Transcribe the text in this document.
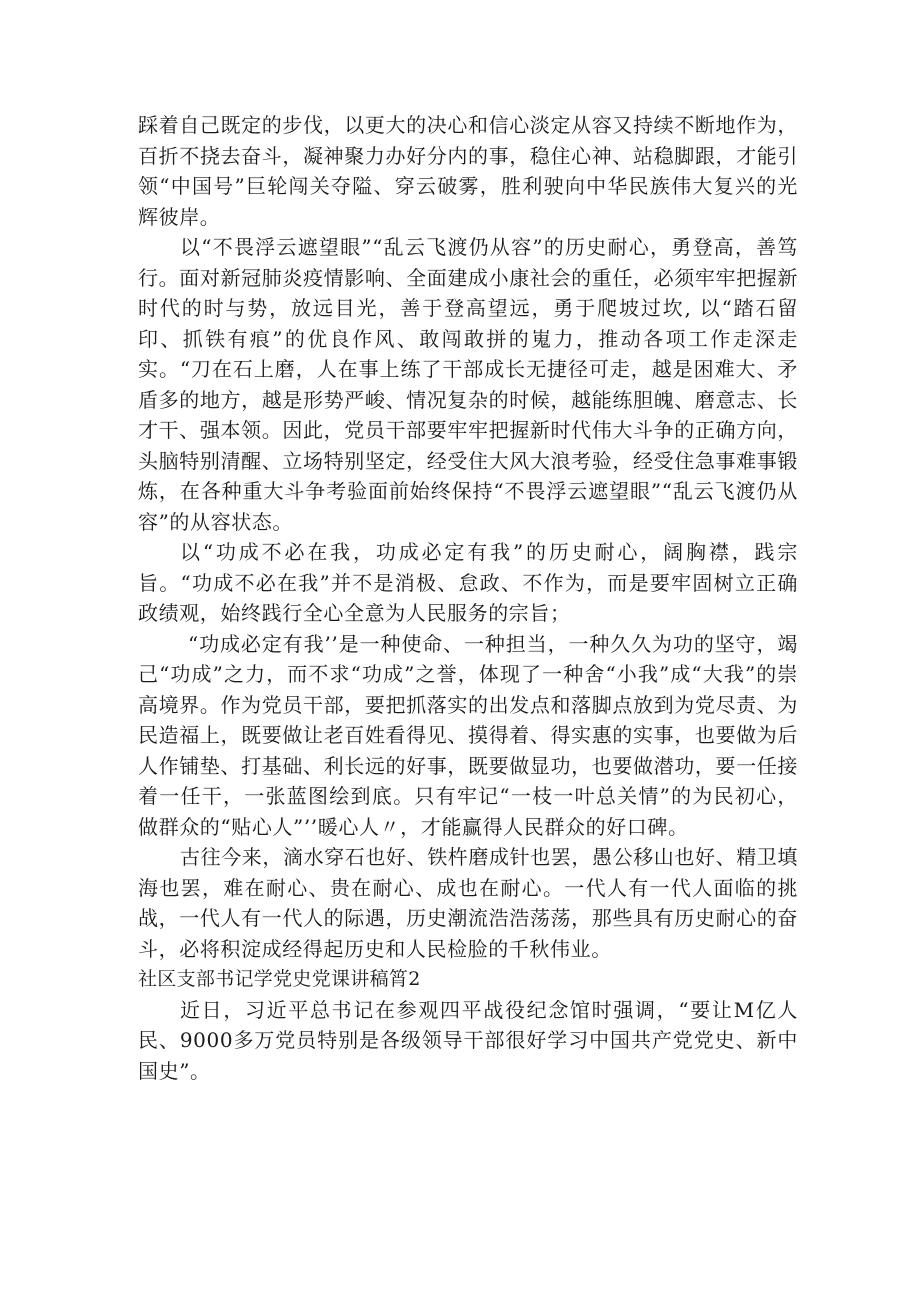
踩着自己既定的步伐，以更大的决心和信心淡定从容又持续不断地作为，百折不挠去奋斗，凝神聚力办好分内的事，稳住心神、站稳脚跟，才能引领“中国号”巨轮闯关夺隘、穿云破雾，胜利驶向中华民族伟大复兴的光辉彼岸。

以“不畏浮云遮望眼”“乱云飞渡仍从容”的历史耐心，勇登高，善笃行。面对新冠肺炎疫情影响、全面建成小康社会的重任，必须牢牢把握新时代的时与势，放远目光，善于登高望远，勇于爬坡过坎, 以“踏石留印、抓铁有痕”的优良作风、敢闯敢拼的嵬力，推动各项工作走深走实。“刀在石上磨，人在事上练了干部成长无捷径可走，越是困难大、矛盾多的地方，越是形势严峻、情况复杂的时候，越能练胆魄、磨意志、长才干、强本领。因此，党员干部要牢牢把握新时代伟大斗争的正确方向，头脑特别清醒、立场特别坚定，经受住大风大浪考验，经受住急事难事锻炼，在各种重大斗争考验面前始终保持“不畏浮云遮望眼”“乱云飞渡仍从容”的从容状态。

以“功成不必在我，功成必定有我”的历史耐心，阔胸襟，践宗旨。“功成不必在我”并不是消极、怠政、不作为，而是要牢固树立正确政绩观，始终践行全心全意为人民服务的宗旨；

“功成必定有我’’是一种使命、一种担当，一种久久为功的坚守，竭己“功成”之力，而不求“功成”之誉，体现了一种舍“小我”成“大我”的崇高境界。作为党员干部，要把抓落实的出发点和落脚点放到为党尽责、为民造福上，既要做让老百姓看得见、摸得着、得实惠的实事，也要做为后人作铺垫、打基础、利长远的好事，既要做显功，也要做潜功，要一任接着一任干，一张蓝图绘到底。只有牢记“一枝一叶总关情”的为民初心，做群众的“贴心人”’’暖心人〃，才能赢得人民群众的好口碑。

古往今来，滴水穿石也好、铁杵磨成针也罢，愚公移山也好、精卫填海也罢，难在耐心、贵在耐心、成也在耐心。一代人有一代人面临的挑战，一代人有一代人的际遇，历史潮流浩浩荡荡，那些具有历史耐心的奋斗，必将积淀成经得起历史和人民检脸的千秋伟业。

社区支部书记学党史党课讲稿筲2

近日，习近平总书记在参观四平战役纪念馆时强调，“要让M亿人民、9000多万党员特别是各级领导干部很好学习中国共产党党史、新中国史”。
